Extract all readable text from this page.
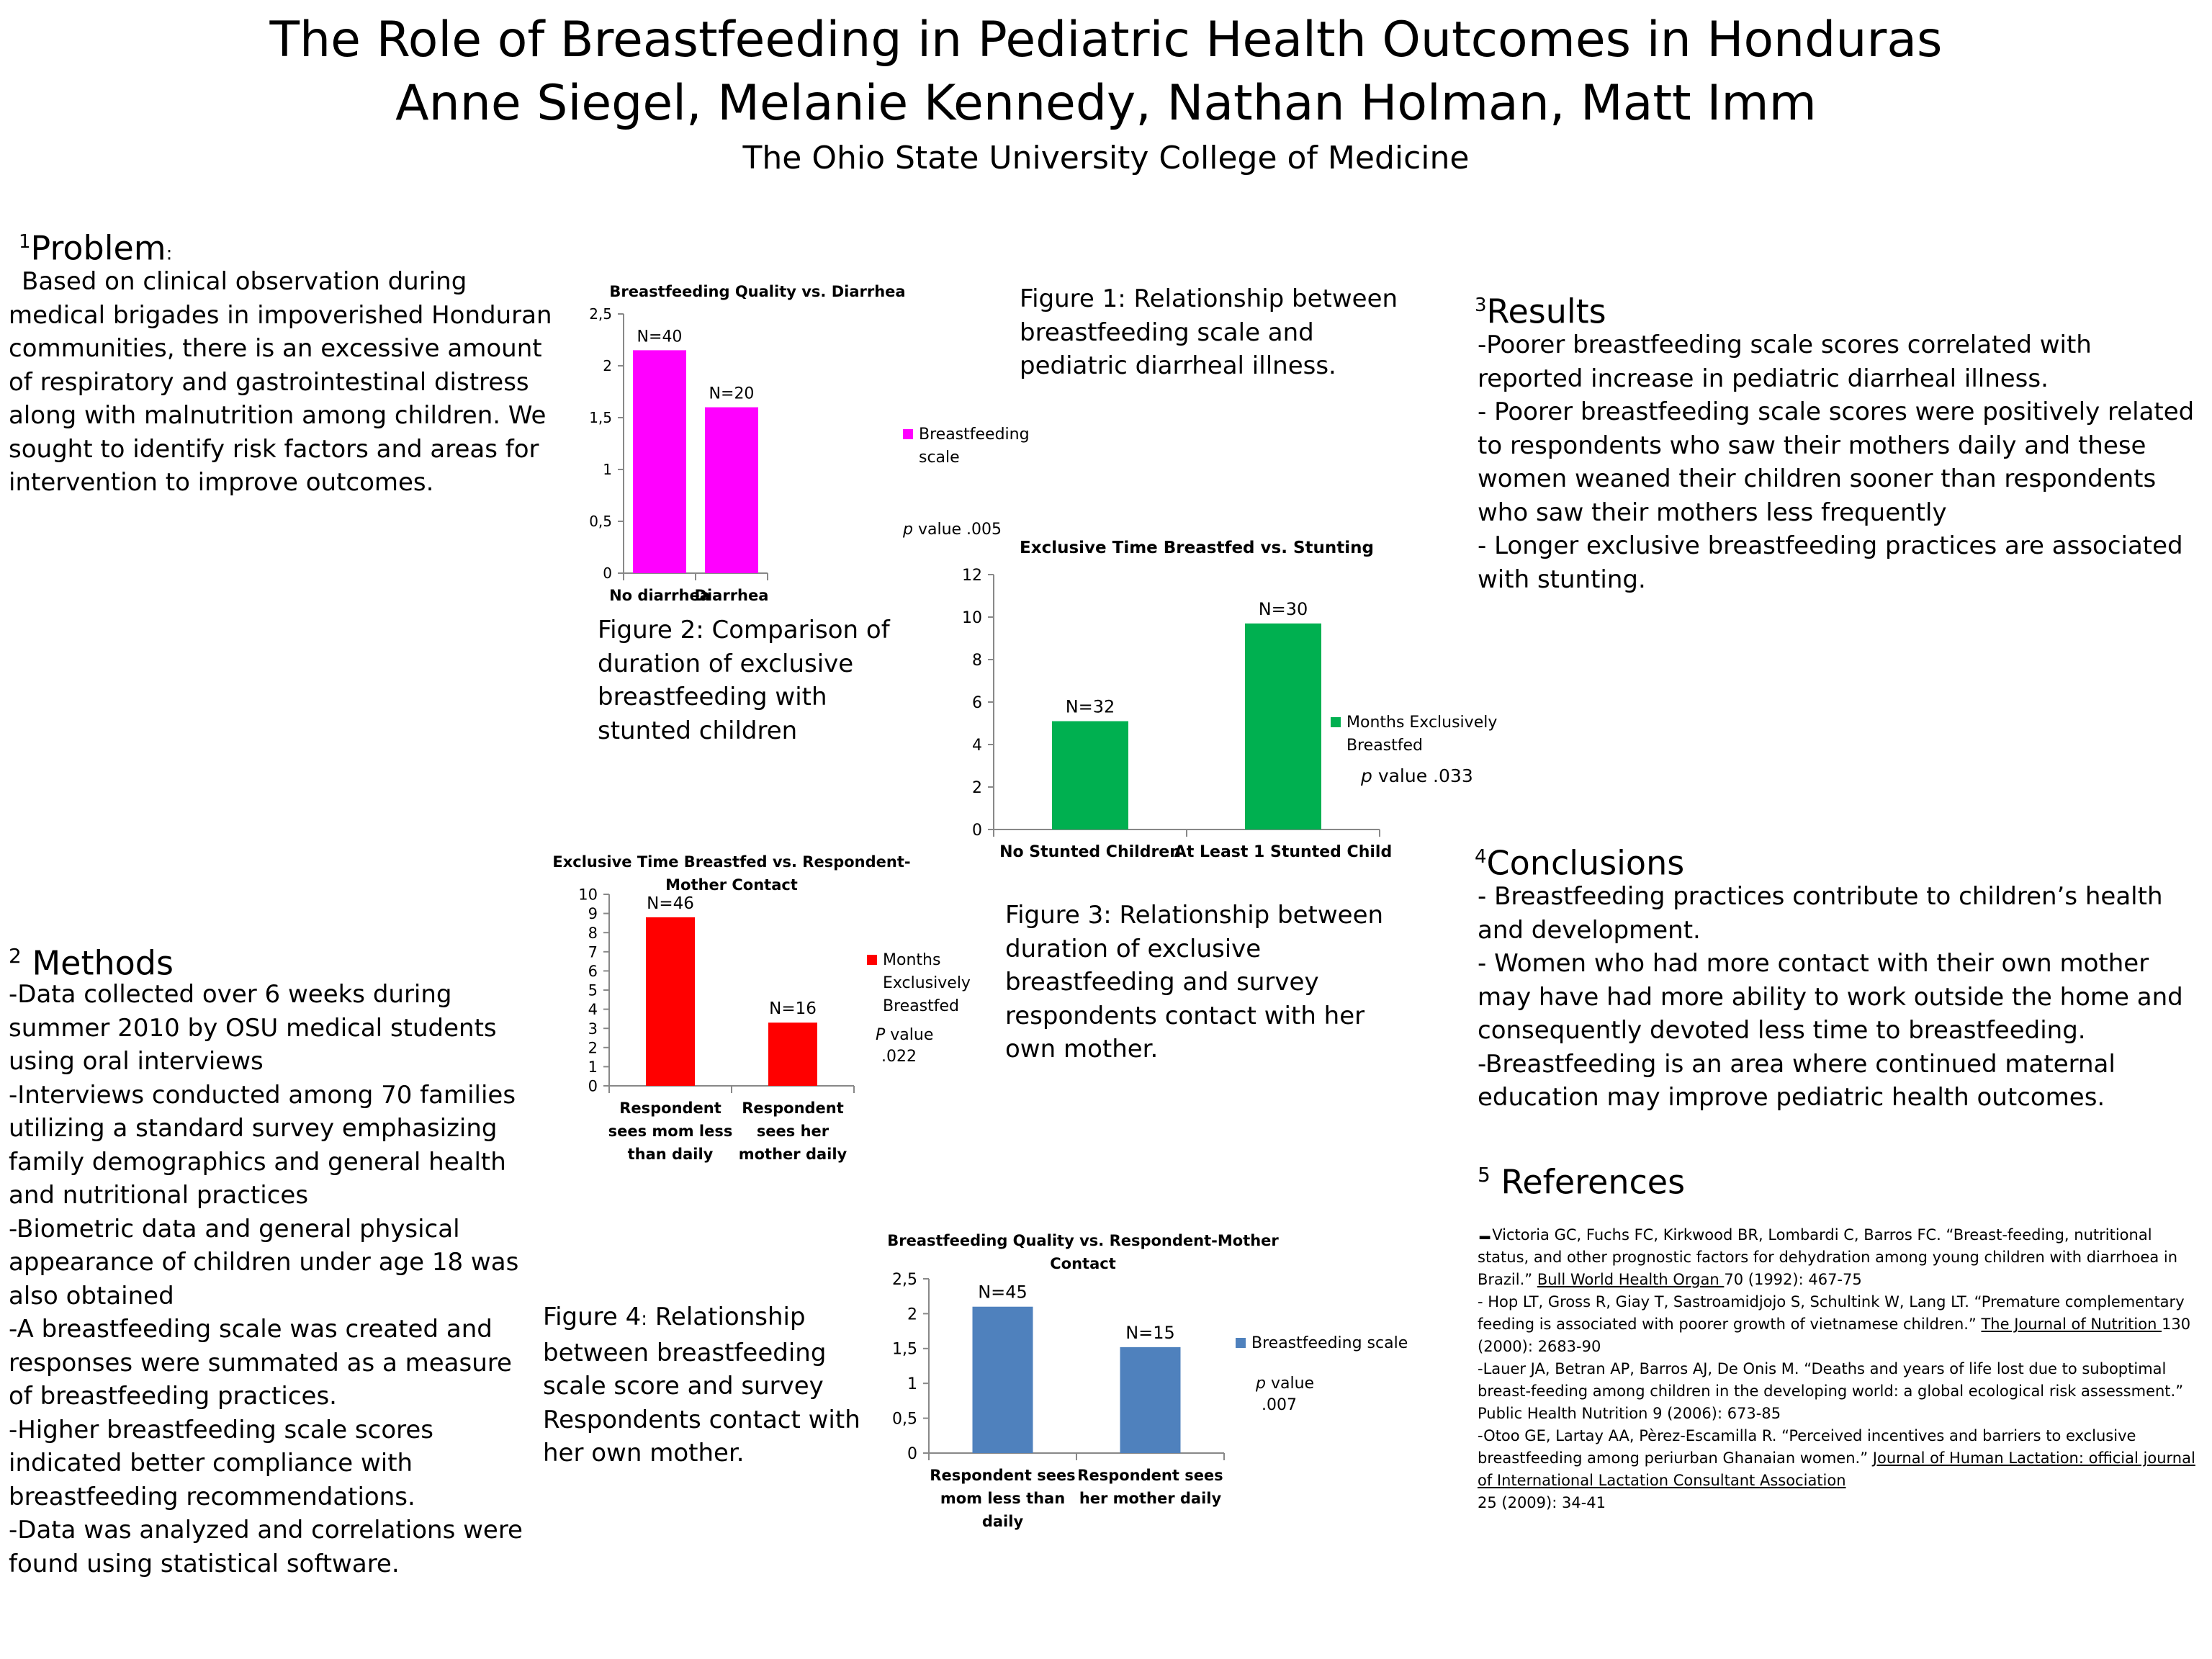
The Role of Breastfeeding in Pediatric Health Outcomes in Honduras
Anne Siegel, Melanie Kennedy, Nathan Holman, Matt Imm
The Ohio State University College of Medicine
$^1$Problem:
Based on clinical observation during medical brigades in impoverished Honduran communities, there is an excessive amount of respiratory and gastrointestinal distress along with malnutrition among children. We sought to identify risk factors and areas for intervention to improve outcomes.
$^2$ Methods

-Data collected over 6 weeks during summer 2010 by OSU medical students using oral interviews

-Interviews conducted among 70 families utilizing a standard survey emphasizing family demographics and general health and nutritional practices

-Biometric data and general physical appearance of children under age 18 was also obtained

-A breastfeeding scale was created and responses were summated as a measure of breastfeeding practices.

-Higher breastfeeding scale scores indicated better compliance with breastfeeding recommendations.

-Data was analyzed and correlations were found using statistical software.

$^3$Results

-Poorer breastfeeding scale scores correlated with reported increase in pediatric diarrheal illness.

- Poorer breastfeeding scale scores were positively related to respondents who saw their mothers daily and these women weaned their children sooner than respondents who saw their mothers less frequently

- Longer exclusive breastfeeding practices are associated with stunting.

$^4$Conclusions

- Breastfeeding practices contribute to children’s health and development.

- Women who had more contact with their own mother may have had more ability to work outside the home and consequently devoted less time to breastfeeding.

-Breastfeeding is an area where continued maternal education may improve pediatric health outcomes.

$^5$ References

-Victoria GC, Fuchs FC, Kirkwood BR, Lombardi C, Barros FC. “Breast-feeding, nutritional status, and other prognostic factors for dehydration among young children with diarrhoea in Brazil.” Bull World Health Organ 70 (1992): 467-75

- Hop LT, Gross R, Giay T, Sastroamidjojo S, Schultink W, Lang LT. “Premature complementary feeding is associated with poorer growth of vietnamese children.” The Journal of Nutrition 130 (2000): 2683-90

-Lauer JA, Betran AP, Barros AJ, De Onis M. “Deaths and years of life lost due to suboptimal breast-feeding among children in the developing world: a global ecological risk assessment.” Public Health Nutrition 9 (2006): 673-85

-Otoo GE, Lartay AA, Pèrez-Escamilla R. “Perceived incentives and barriers to exclusive breastfeeding among periurban Ghanaian women.” Journal of Human Lactation: official journal of International Lactation Consultant Association

25 (2009): 34-41

Figure 1: Relationship between breastfeeding scale and pediatric diarrheal illness.
Figure 2: Comparison of duration of exclusive breastfeeding with stunted children
Figure 3: Relationship between duration of exclusive breastfeeding and survey respondents contact with her own mother.
Figure 4: Relationship between breastfeeding scale score and survey Respondents contact with her own mother.
Breastfeeding Quality vs. Diarrhea
0
0,5
1
1,5
2
2,5
N=40
No diarrhea
N=20
Diarrhea
Breastfeeding
scale
p value .005
Exclusive Time Breastfed vs. Stunting
0
2
4
6
8
10
12
N=32
No Stunted Children
N=30
At Least 1 Stunted Child
Months Exclusively
Breastfed
p value .033
Exclusive Time Breastfed vs. Respondent-
Mother Contact
0
1
2
3
4
5
6
7
8
9
10	N=46
Respondent
sees mom less
than daily
N=16
Respondent
sees her
mother daily
Months
Exclusively
Breastfed
P value
.022
Breastfeeding Quality vs. Respondent-Mother
Contact
0
0,5
1
1,5
2
2,5
N=45
Respondent sees
mom less than
daily
N=15
Respondent sees
her mother daily
Breastfeeding scale
p value
.007
